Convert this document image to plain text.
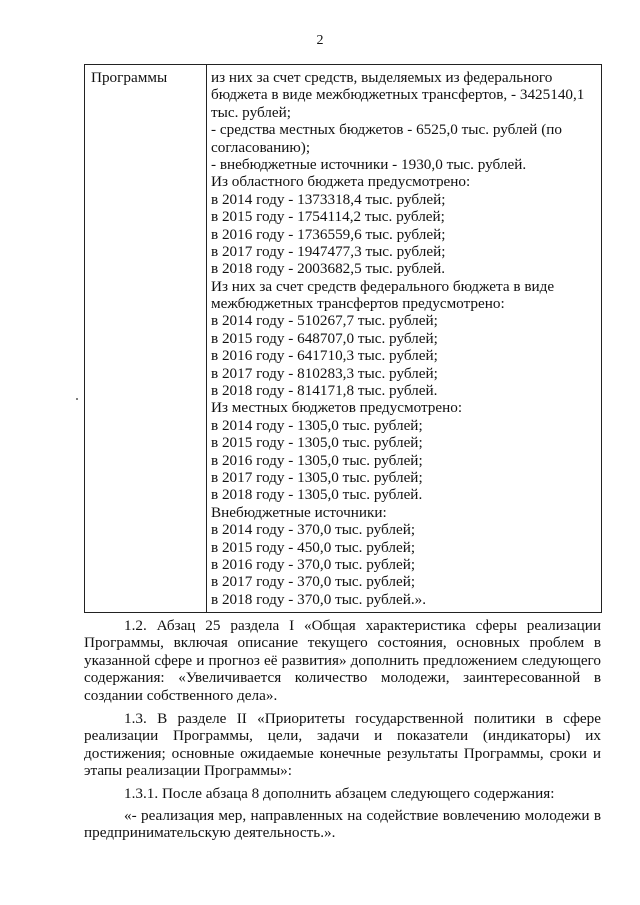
2
Программы	из них за счет средств, выделяемых из федерального
бюджета в виде межбюджетных трансфертов, - 3425140,1
тыс. рублей;
- средства местных бюджетов - 6525,0 тыс. рублей (по
согласованию);
- внебюджетные источники - 1930,0 тыс. рублей.
Из областного бюджета предусмотрено:
в 2014 году - 1373318,4 тыс. рублей;
в 2015 году - 1754114,2 тыс. рублей;
в 2016 году - 1736559,6 тыс. рублей;
в 2017 году - 1947477,3 тыс. рублей;
в 2018 году - 2003682,5 тыс. рублей.
Из них за счет средств федерального бюджета в виде
межбюджетных трансфертов предусмотрено:
в 2014 году - 510267,7 тыс. рублей;
в 2015 году - 648707,0 тыс. рублей;
в 2016 году - 641710,3 тыс. рублей;
в 2017 году - 810283,3 тыс. рублей;
в 2018 году - 814171,8 тыс. рублей.
Из местных бюджетов предусмотрено:
в 2014 году - 1305,0 тыс. рублей;
в 2015 году - 1305,0 тыс. рублей;
в 2016 году - 1305,0 тыс. рублей;
в 2017 году - 1305,0 тыс. рублей;
в 2018 году - 1305,0 тыс. рублей.
Внебюджетные источники:
в 2014 году - 370,0 тыс. рублей;
в 2015 году - 450,0 тыс. рублей;
в 2016 году - 370,0 тыс. рублей;
в 2017 году - 370,0 тыс. рублей;
в 2018 году - 370,0 тыс. рублей.».

1.2. Абзац 25 раздела I «Общая характеристика сферы реализации Программы, включая описание текущего состояния, основных проблем в указанной сфере и прогноз её развития» дополнить предложением следующего содержания: «Увеличивается количество молодежи, заинтересованной в создании собственного дела».

1.3. В разделе II «Приоритеты государственной политики в сфере реализации Программы, цели, задачи и показатели (индикаторы) их достижения; основные ожидаемые конечные результаты Программы, сроки и этапы реализации Программы»:

1.3.1. После абзаца 8 дополнить абзацем следующего содержания:

«- реализация мер, направленных на содействие вовлечению молодежи в предпринимательскую деятельность.».
